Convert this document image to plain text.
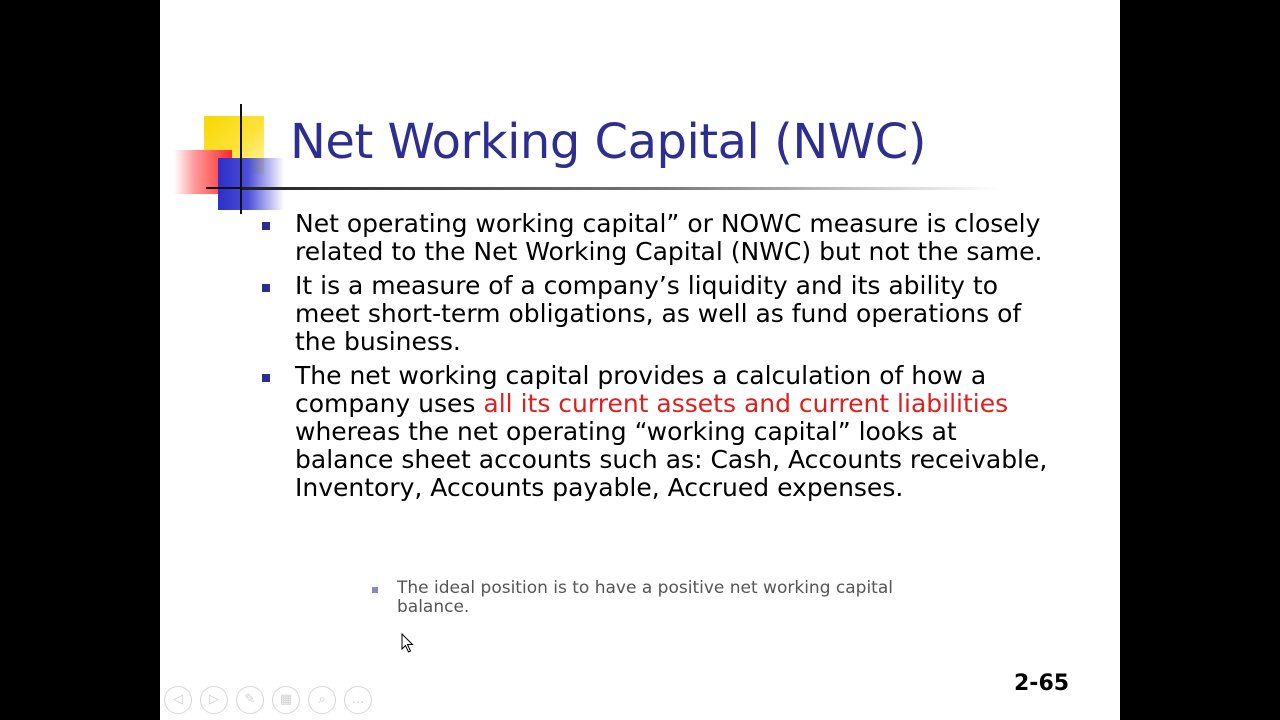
Net Working Capital (NWC)
Net operating working capital” or NOWC measure is closely related to the Net Working Capital (NWC) but not the same.
It is a measure of a company’s liquidity and its ability to meet short-term obligations, as well as fund operations of the business.
The net working capital provides a calculation of how a company uses all its current assets and current liabilities whereas the net operating “working capital” looks at balance sheet accounts such as: Cash, Accounts receivable, Inventory, Accounts payable, Accrued expenses.
The ideal position is to have a positive net working capital balance.
2-65
◁	▷	✎	▦	⌕	…
